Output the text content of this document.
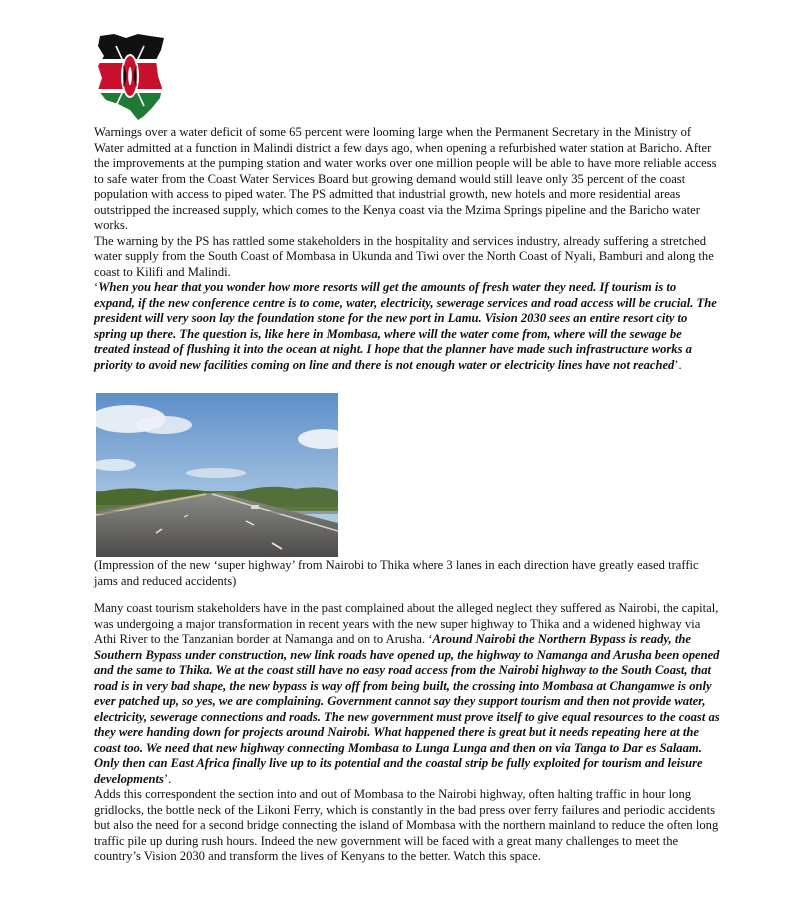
Warnings over a water deficit of some 65 percent were looming large when the Permanent Secretary in the Ministry of Water admitted at a function in Malindi district a few days ago, when opening a refurbished water station at Baricho. After the improvements at the pumping station and water works over one million people will be able to have more reliable access to safe water from the Coast Water Services Board but growing demand would still leave only 35 percent of the coast population with access to piped water. The PS admitted that industrial growth, new hotels and more residential areas outstripped the increased supply, which comes to the Kenya coast via the Mzima Springs pipeline and the Baricho water works.

The warning by the PS has rattled some stakeholders in the hospitality and services industry, already suffering a stretched water supply from the South Coast of Mombasa in Ukunda and Tiwi over the North Coast of Nyali, Bamburi and along the coast to Kilifi and Malindi.

‘When you hear that you wonder how more resorts will get the amounts of fresh water they need. If tourism is to expand, if the new conference centre is to come, water, electricity, sewerage services and road access will be crucial. The president will very soon lay the foundation stone for the new port in Lamu. Vision 2030 sees an entire resort city to spring up there. The question is, like here in Mombasa, where will the water come from, where will the sewage be treated instead of flushing it into the ocean at night. I hope that the planner have made such infrastructure works a priority to avoid new facilities coming on line and there is not enough water or electricity lines have not reached’.

(Impression of the new ‘super highway’ from Nairobi to Thika where 3 lanes in each direction have greatly eased traffic jams and reduced accidents)

Many coast tourism stakeholders have in the past complained about the alleged neglect they suffered as Nairobi, the capital, was undergoing a major transformation in recent years with the new super highway to Thika and a widened highway via Athi River to the Tanzanian border at Namanga and on to Arusha. ‘Around Nairobi the Northern Bypass is ready, the Southern Bypass under construction, new link roads have opened up, the highway to Namanga and Arusha been opened and the same to Thika. We at the coast still have no easy road access from the Nairobi highway to the South Coast, that road is in very bad shape, the new bypass is way off from being built, the crossing into Mombasa at Changamwe is only ever patched up, so yes, we are complaining. Government cannot say they support tourism and then not provide water, electricity, sewerage connections and roads. The new government must prove itself to give equal resources to the coast as they were handing down for projects around Nairobi. What happened there is great but it needs repeating here at the coast too. We need that new highway connecting Mombasa to Lunga Lunga and then on via Tanga to Dar es Salaam. Only then can East Africa finally live up to its potential and the coastal strip be fully exploited for tourism and leisure developments’.

Adds this correspondent the section into and out of Mombasa to the Nairobi highway, often halting traffic in hour long gridlocks, the bottle neck of the Likoni Ferry, which is constantly in the bad press over ferry failures and periodic accidents but also the need for a second bridge connecting the island of Mombasa with the northern mainland to reduce the often long traffic pile up during rush hours. Indeed the new government will be faced with a great many challenges to meet the country’s Vision 2030 and transform the lives of Kenyans to the better. Watch this space.
